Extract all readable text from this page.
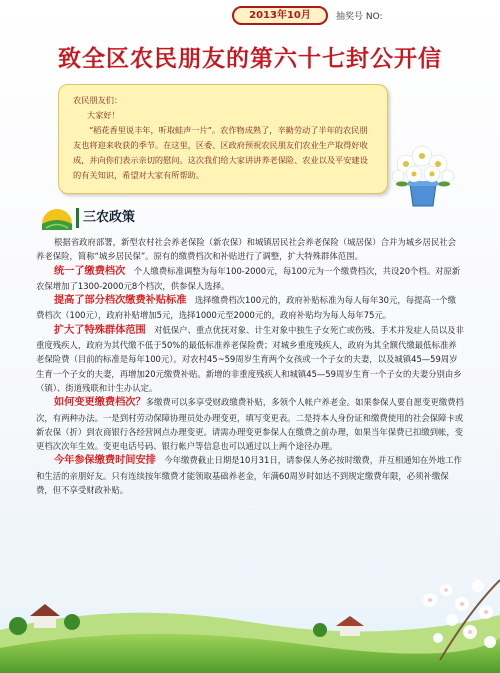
2013年10月	抽奖号 NO:
致全区农民朋友的第六十七封公开信

农民朋友们：

大家好！

“稻花香里说丰年，听取蛙声一片”。农作物成熟了，辛勤劳动了半年的农民朋友也将迎来收获的季节。在这里，区委、区政府预祝农民朋友们农业生产取得好收成，并向你们表示亲切的慰问。这次我们给大家讲讲养老保险、农业以及平安建设的有关知识，希望对大家有所帮助。

三农政策

根据省政府部署，新型农村社会养老保险（新农保）和城镇居民社会养老保险（城居保）合并为城乡居民社会养老保险，简称“城乡居民保”。原有的缴费档次和补贴进行了调整，扩大特殊群体范围。

统一了缴费档次　 个人缴费标准调整为每年100-2000元，每100元为一个缴费档次，共设20个档。对原新农保增加了1300-2000元8个档次，供参保人选择。

提高了部分档次缴费补贴标准　 选择缴费档次100元的，政府补贴标准为每人每年30元，每提高一个缴费档次（100元），政府补贴增加5元，选择1000元至2000元的，政府补贴均为每人每年75元。

扩大了特殊群体范围　 对低保户、重点优抚对象、计生对象中独生子女死亡或伤残、手术并发症人员以及非重度残疾人，政府为其代缴不低于50%的最低标准养老保险费；对城乡重度残疾人，政府为其全额代缴最低标准养老保险费（目前的标准是每年100元）。对农村45~59周岁生育两个女孩或一个子女的夫妻，以及城镇45—59周岁生育一个子女的夫妻，再增加20元缴费补贴。新增的非重度残疾人和城镇45—59周岁生育一个子女的夫妻分别由乡（镇）、街道残联和计生办认定。

如何变更缴费档次？多缴费可以多享受财政缴费补贴，多领个人帐户养老金。如果参保人要自愿变更缴费档次，有两种办法。一是到村劳动保障协理员处办理变更，填写变更表。二是持本人身份证和缴费使用的社会保障卡或新农保（折）到农商银行各经营网点办理变更。请需办理变更参保人在缴费之前办理，如果当年保费已扣缴到帐，变更档次次年生效。变更电话号码、银行帐户等信息也可以通过以上两个途径办理。

今年参保缴费时间安排　 今年缴费截止日期是10月31日，请参保人务必按时缴费，并互相通知在外地工作和生活的亲朋好友。只有连续按年缴费才能领取基础养老金，年满60周岁时如达不到规定缴费年限，必须补缴保费，但不享受财政补贴。
